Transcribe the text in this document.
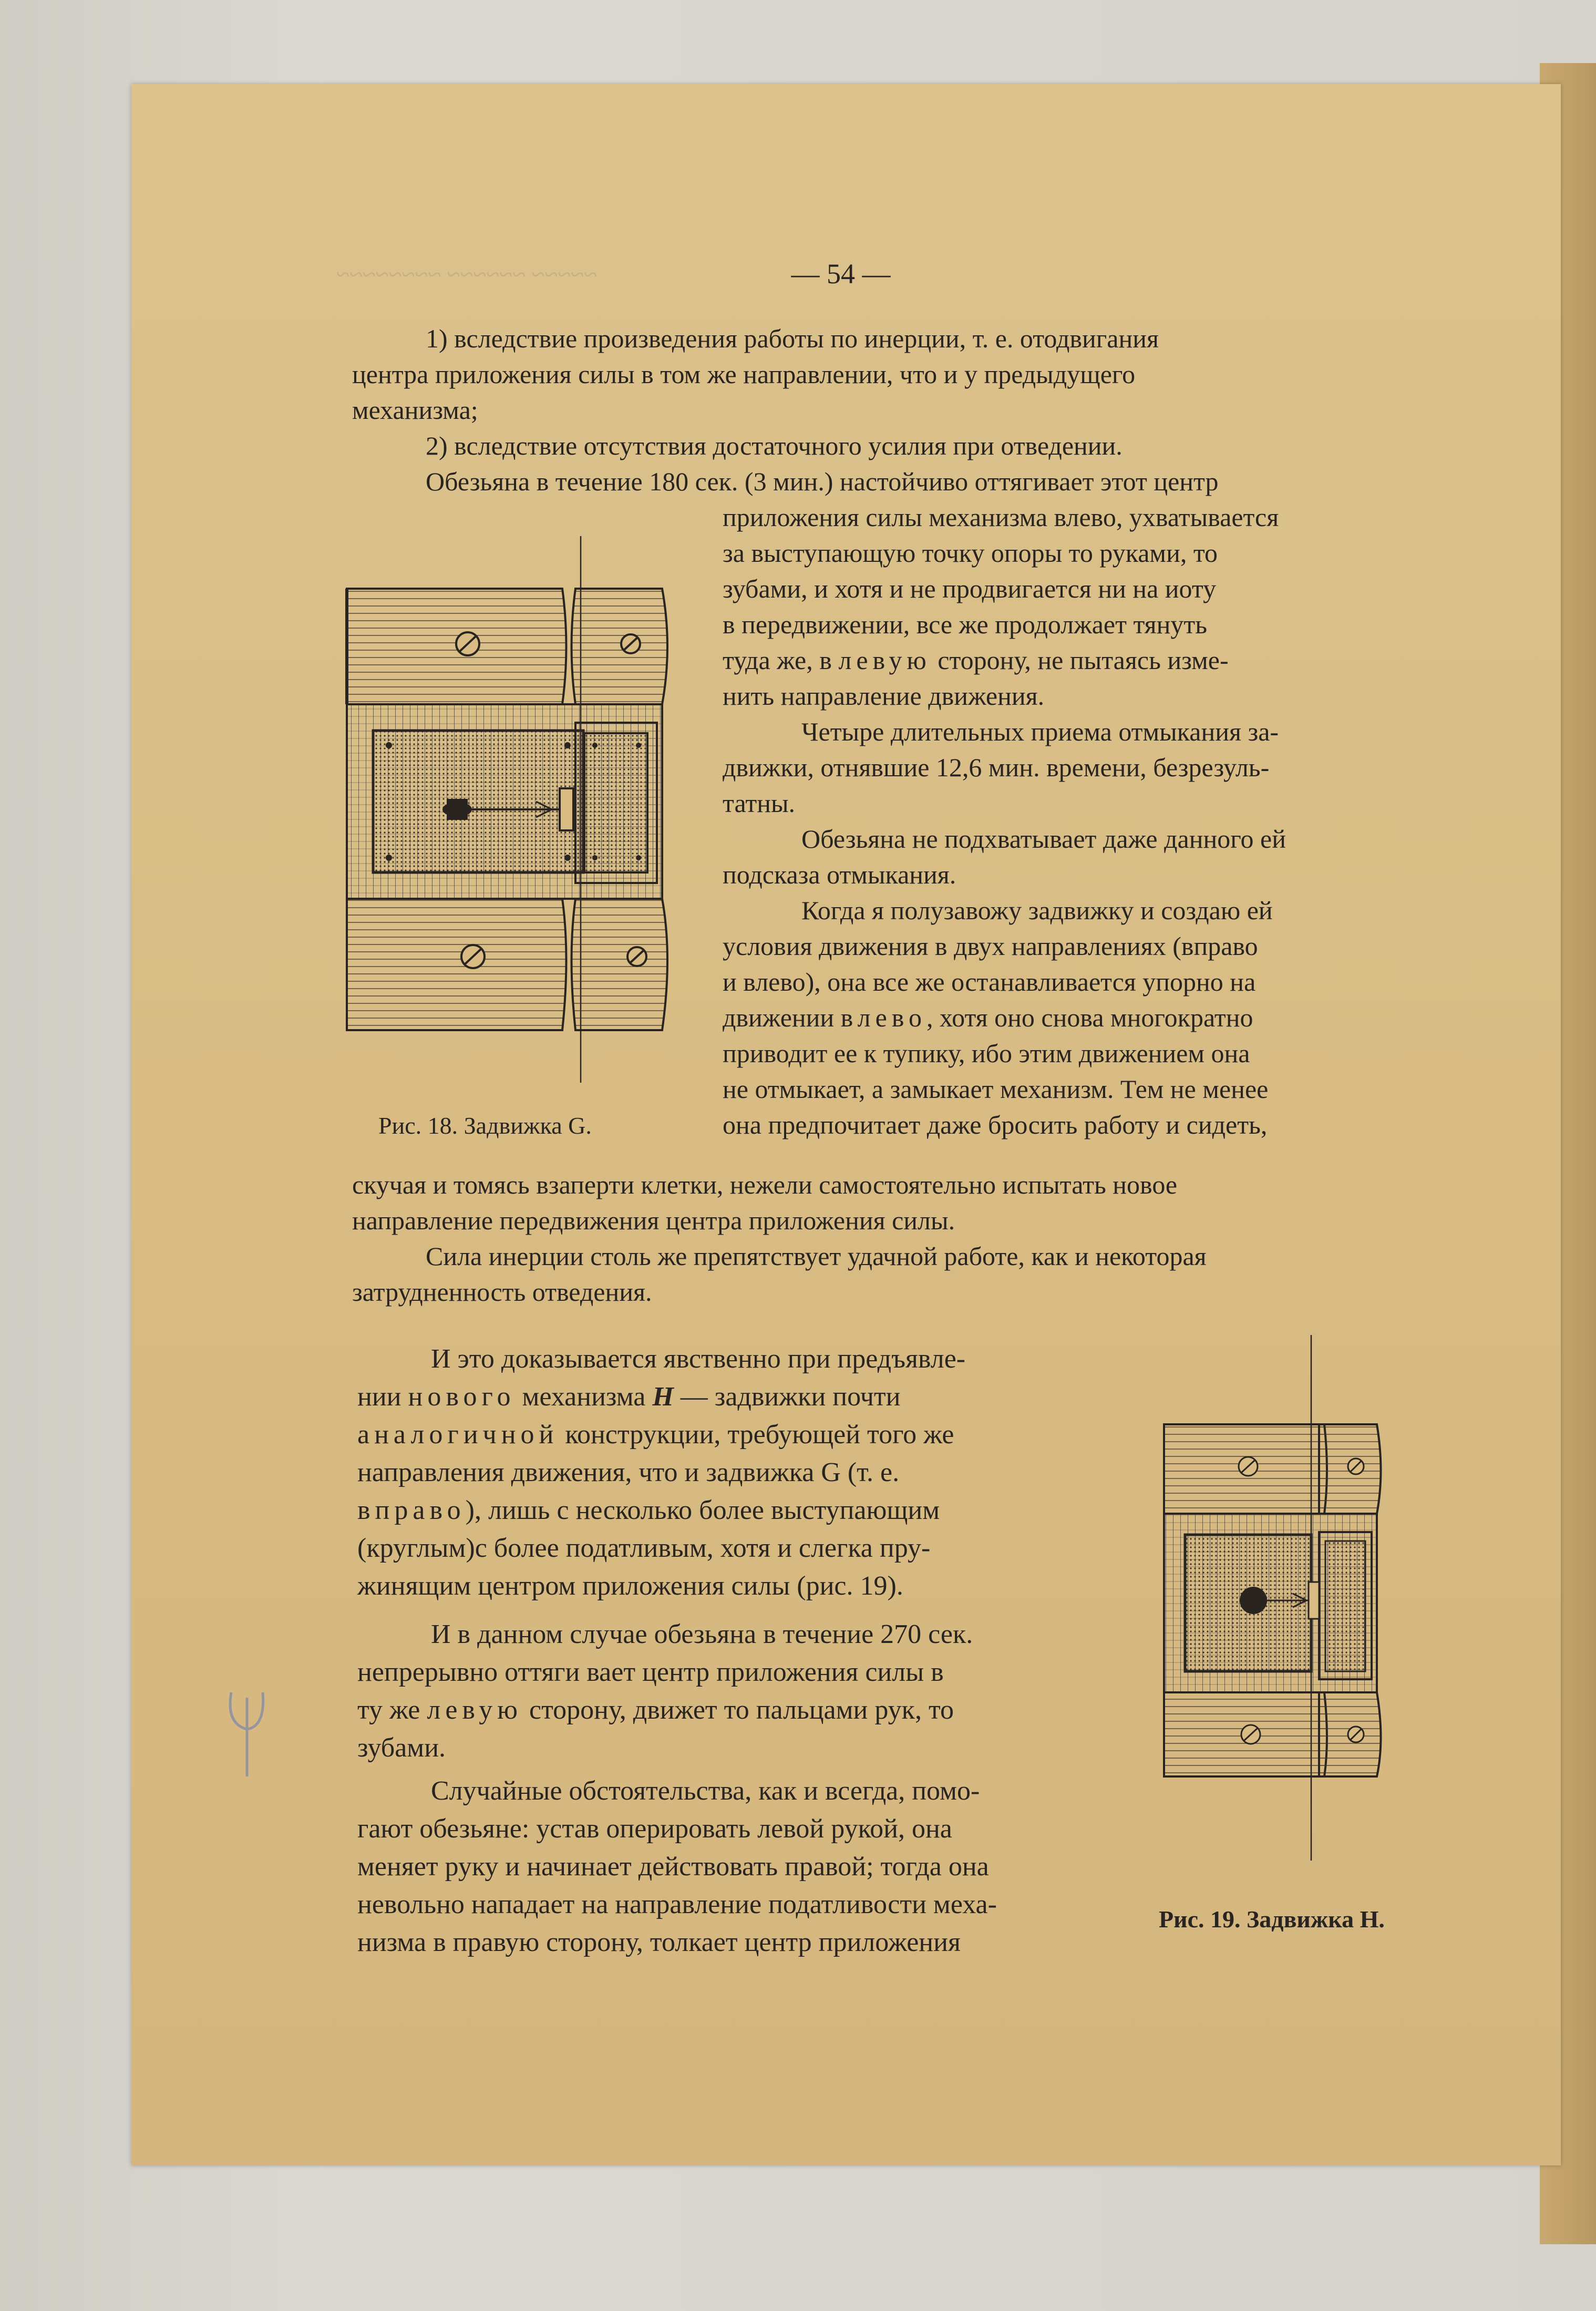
~~~~~ ~~~~~~ ~~~~~~~~	— 54 —
1) вследствие произведения работы по инерции, т. е. отодвигания
центра приложения силы в том же направлении, что и у предыдущего
механизма;
2) вследствие отсутствия достаточного усилия при отведении.
Обезьяна в течение 180 сек. (3 мин.) настойчиво оттягивает этот центр
приложения силы механизма влево, ухватывается
за выступающую точку опоры то руками, то
зубами, и хотя и не продвигается ни на иоту
в передвижении, все же продолжает тянуть
туда же, в левую сторону, не пытаясь изме-
нить направление движения.
Четыре длительных приема отмыкания за-
движки, отнявшие 12,6 мин. времени, безрезуль-
татны.
Обезьяна не подхватывает даже данного ей
подсказа отмыкания.
Когда я полузавожу задвижку и создаю ей
условия движения в двух направлениях (вправо
и влево), она все же останавливается упорно на
движении влево, хотя оно снова многократно
приводит ее к тупику, ибо этим движением она
не отмыкает, а замыкает механизм. Тем не менее
она предпочитает даже бросить работу и сидеть,
Рис. 18. Задвижка G.
скучая и томясь взаперти клетки, нежели самостоятельно испытать новое
направление передвижения центра приложения силы.
Сила инерции столь же препятствует удачной работе, как и некоторая
затрудненность отведения.
И это доказывается явственно при предъявле-
нии нового механизма H — задвижки почти
аналогичной конструкции, требующей того же
направления движения, что и задвижка G (т. е.
вправо), лишь с несколько более выступающим
(круглым)с более податливым, хотя и слегка пру-
жинящим центром приложения силы (рис. 19).
И в данном случае обезьяна в течение 270 сек.
непрерывно оттяги вает центр приложения силы в
ту же левую сторону, движет то пальцами рук, то
зубами.
Случайные обстоятельства, как и всегда, помо-
гают обезьяне: устав оперировать левой рукой, она
меняет руку и начинает действовать правой; тогда она
невольно нападает на направление податливости меха-
низма в правую сторону, толкает центр приложения
Рис. 19. Задвижка H.
